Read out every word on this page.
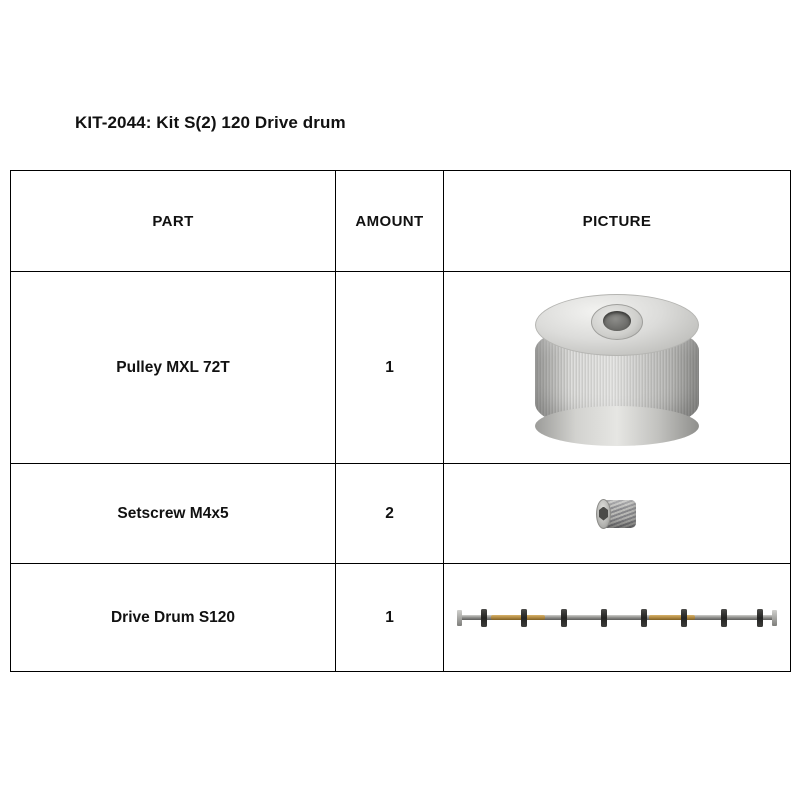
KIT-2044: Kit S(2) 120 Drive drum
PART	AMOUNT	PICTURE
Pulley MXL 72T	1	

Setscrew M4x5	2	

Drive Drum S120	1	
